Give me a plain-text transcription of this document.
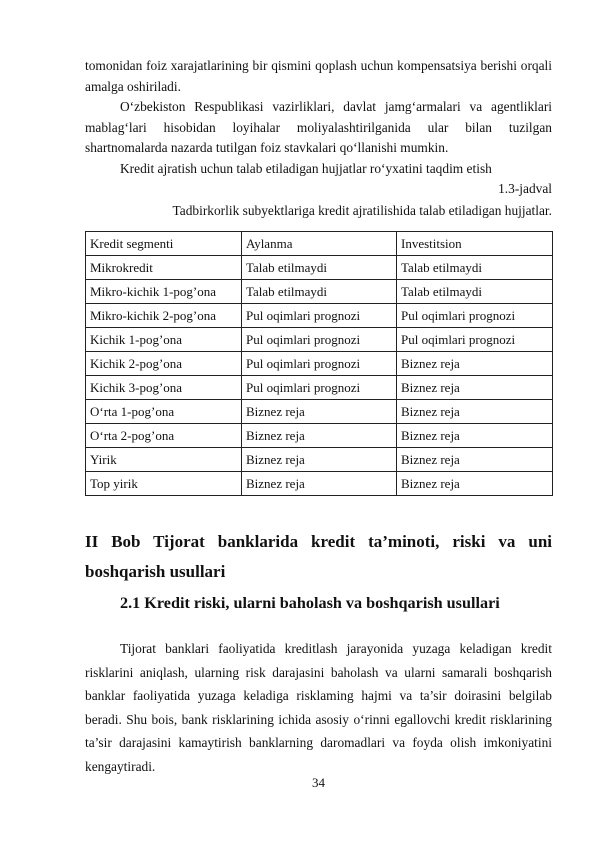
tomonidan foiz xarajatlarining bir qismini qoplash uchun kompensatsiya berishi orqali amalga oshiriladi.

O‘zbekiston Respublikasi vazirliklari, davlat jamg‘armalari va agentliklari mablag‘lari hisobidan loyihalar moliyalashtirilganida ular bilan tuzilgan shartnomalarda nazarda tutilgan foiz stavkalari qo‘llanishi mumkin.

Kredit ajratish uchun talab etiladigan hujjatlar ro‘yxatini taqdim etish

1.3-jadval
Tadbirkorlik subyektlariga kredit ajratilishida talab etiladigan hujjatlar.
Kredit segmenti	Aylanma	Investitsion
Mikrokredit	Talab etilmaydi	Talab etilmaydi
Mikro-kichik 1-pog’ona	Talab etilmaydi	Talab etilmaydi
Mikro-kichik 2-pog’ona	Pul oqimlari prognozi	Pul oqimlari prognozi
Kichik 1-pog’ona	Pul oqimlari prognozi	Pul oqimlari prognozi
Kichik 2-pog’ona	Pul oqimlari prognozi	Biznez reja
Kichik 3-pog’ona	Pul oqimlari prognozi	Biznez reja
O‘rta 1-pog’ona	Biznez reja	Biznez reja
O‘rta 2-pog’ona	Biznez reja	Biznez reja
Yirik	Biznez reja	Biznez reja
Top yirik	Biznez reja	Biznez reja
II Bob Tijorat banklarida kredit ta’minoti, riski va uni
boshqarish usullari
2.1 Kredit riski, ularni baholash va boshqarish usullari

Tijorat banklari faoliyatida kreditlash jarayonida yuzaga keladigan kredit risklarini aniqlash, ularning risk darajasini baholash va ularni samarali boshqarish banklar faoliyatida yuzaga keladiga risklaming hajmi va ta’sir doirasini belgilab beradi. Shu bois, bank risklarining ichida asosiy o‘rinni egallovchi kredit risklarining ta’sir darajasini kamaytirish banklarning daromadlari va foyda olish imkoniyatini kengaytiradi.

34
